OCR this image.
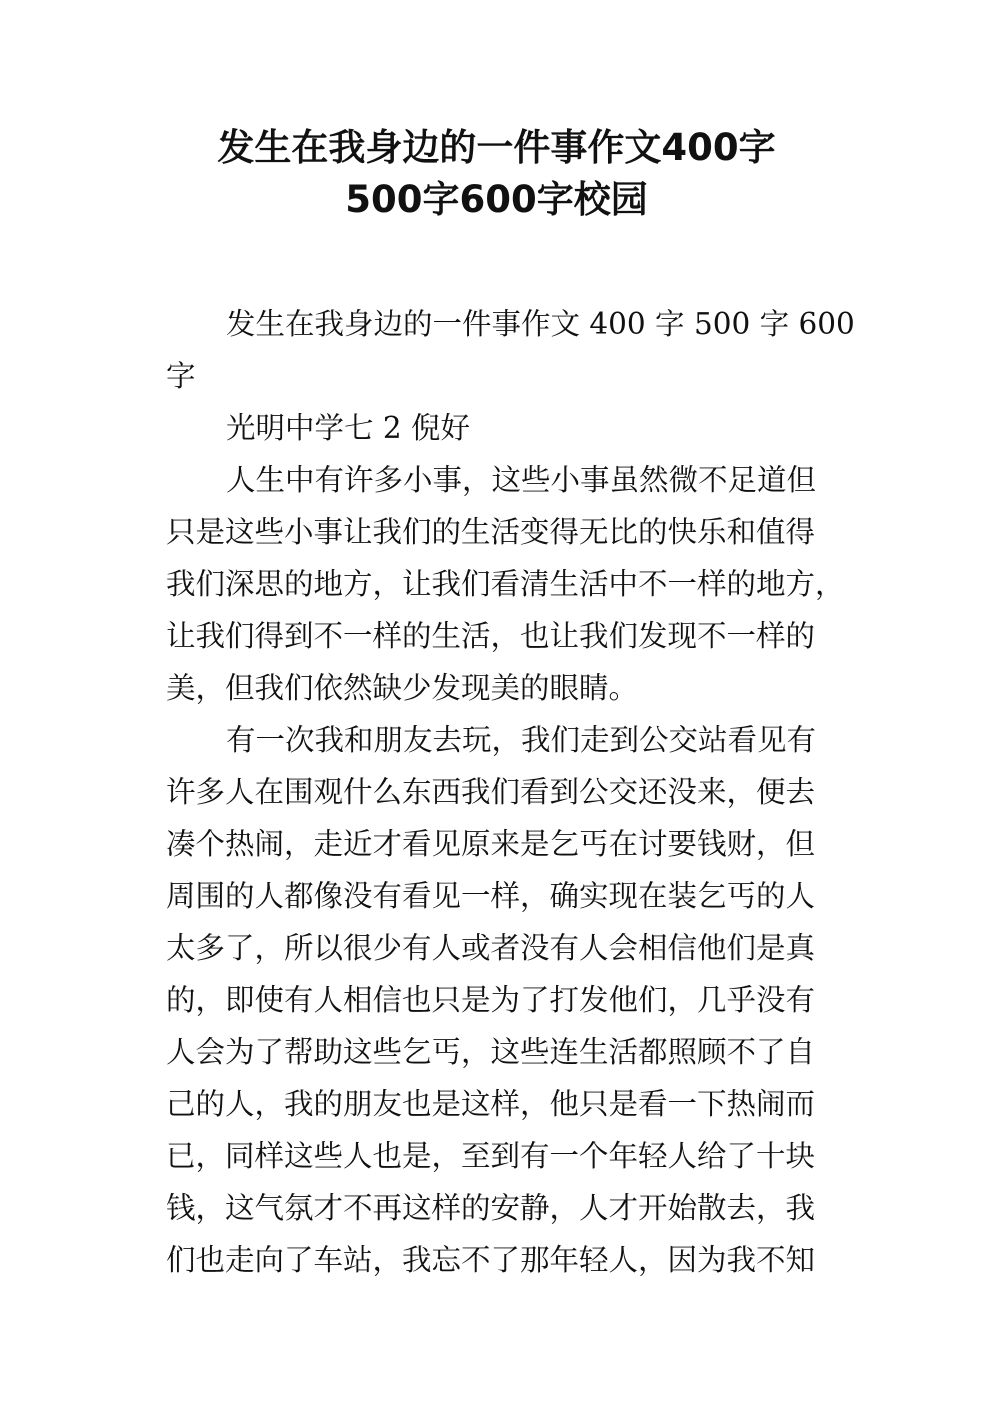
发生在我身边的一件事作文400字
500字600字校园
发生在我身边的一件事作文 400 字 500 字 600
字
光明中学七 2 倪好
人生中有许多小事，这些小事虽然微不足道但
只是这些小事让我们的生活变得无比的快乐和值得
我们深思的地方，让我们看清生活中不一样的地方，
让我们得到不一样的生活，也让我们发现不一样的
美，但我们依然缺少发现美的眼睛。
有一次我和朋友去玩，我们走到公交站看见有
许多人在围观什么东西我们看到公交还没来，便去
凑个热闹，走近才看见原来是乞丐在讨要钱财，但
周围的人都像没有看见一样，确实现在装乞丐的人
太多了，所以很少有人或者没有人会相信他们是真
的，即使有人相信也只是为了打发他们，几乎没有
人会为了帮助这些乞丐，这些连生活都照顾不了自
己的人，我的朋友也是这样，他只是看一下热闹而
已，同样这些人也是，至到有一个年轻人给了十块
钱，这气氛才不再这样的安静，人才开始散去，我
们也走向了车站，我忘不了那年轻人，因为我不知
